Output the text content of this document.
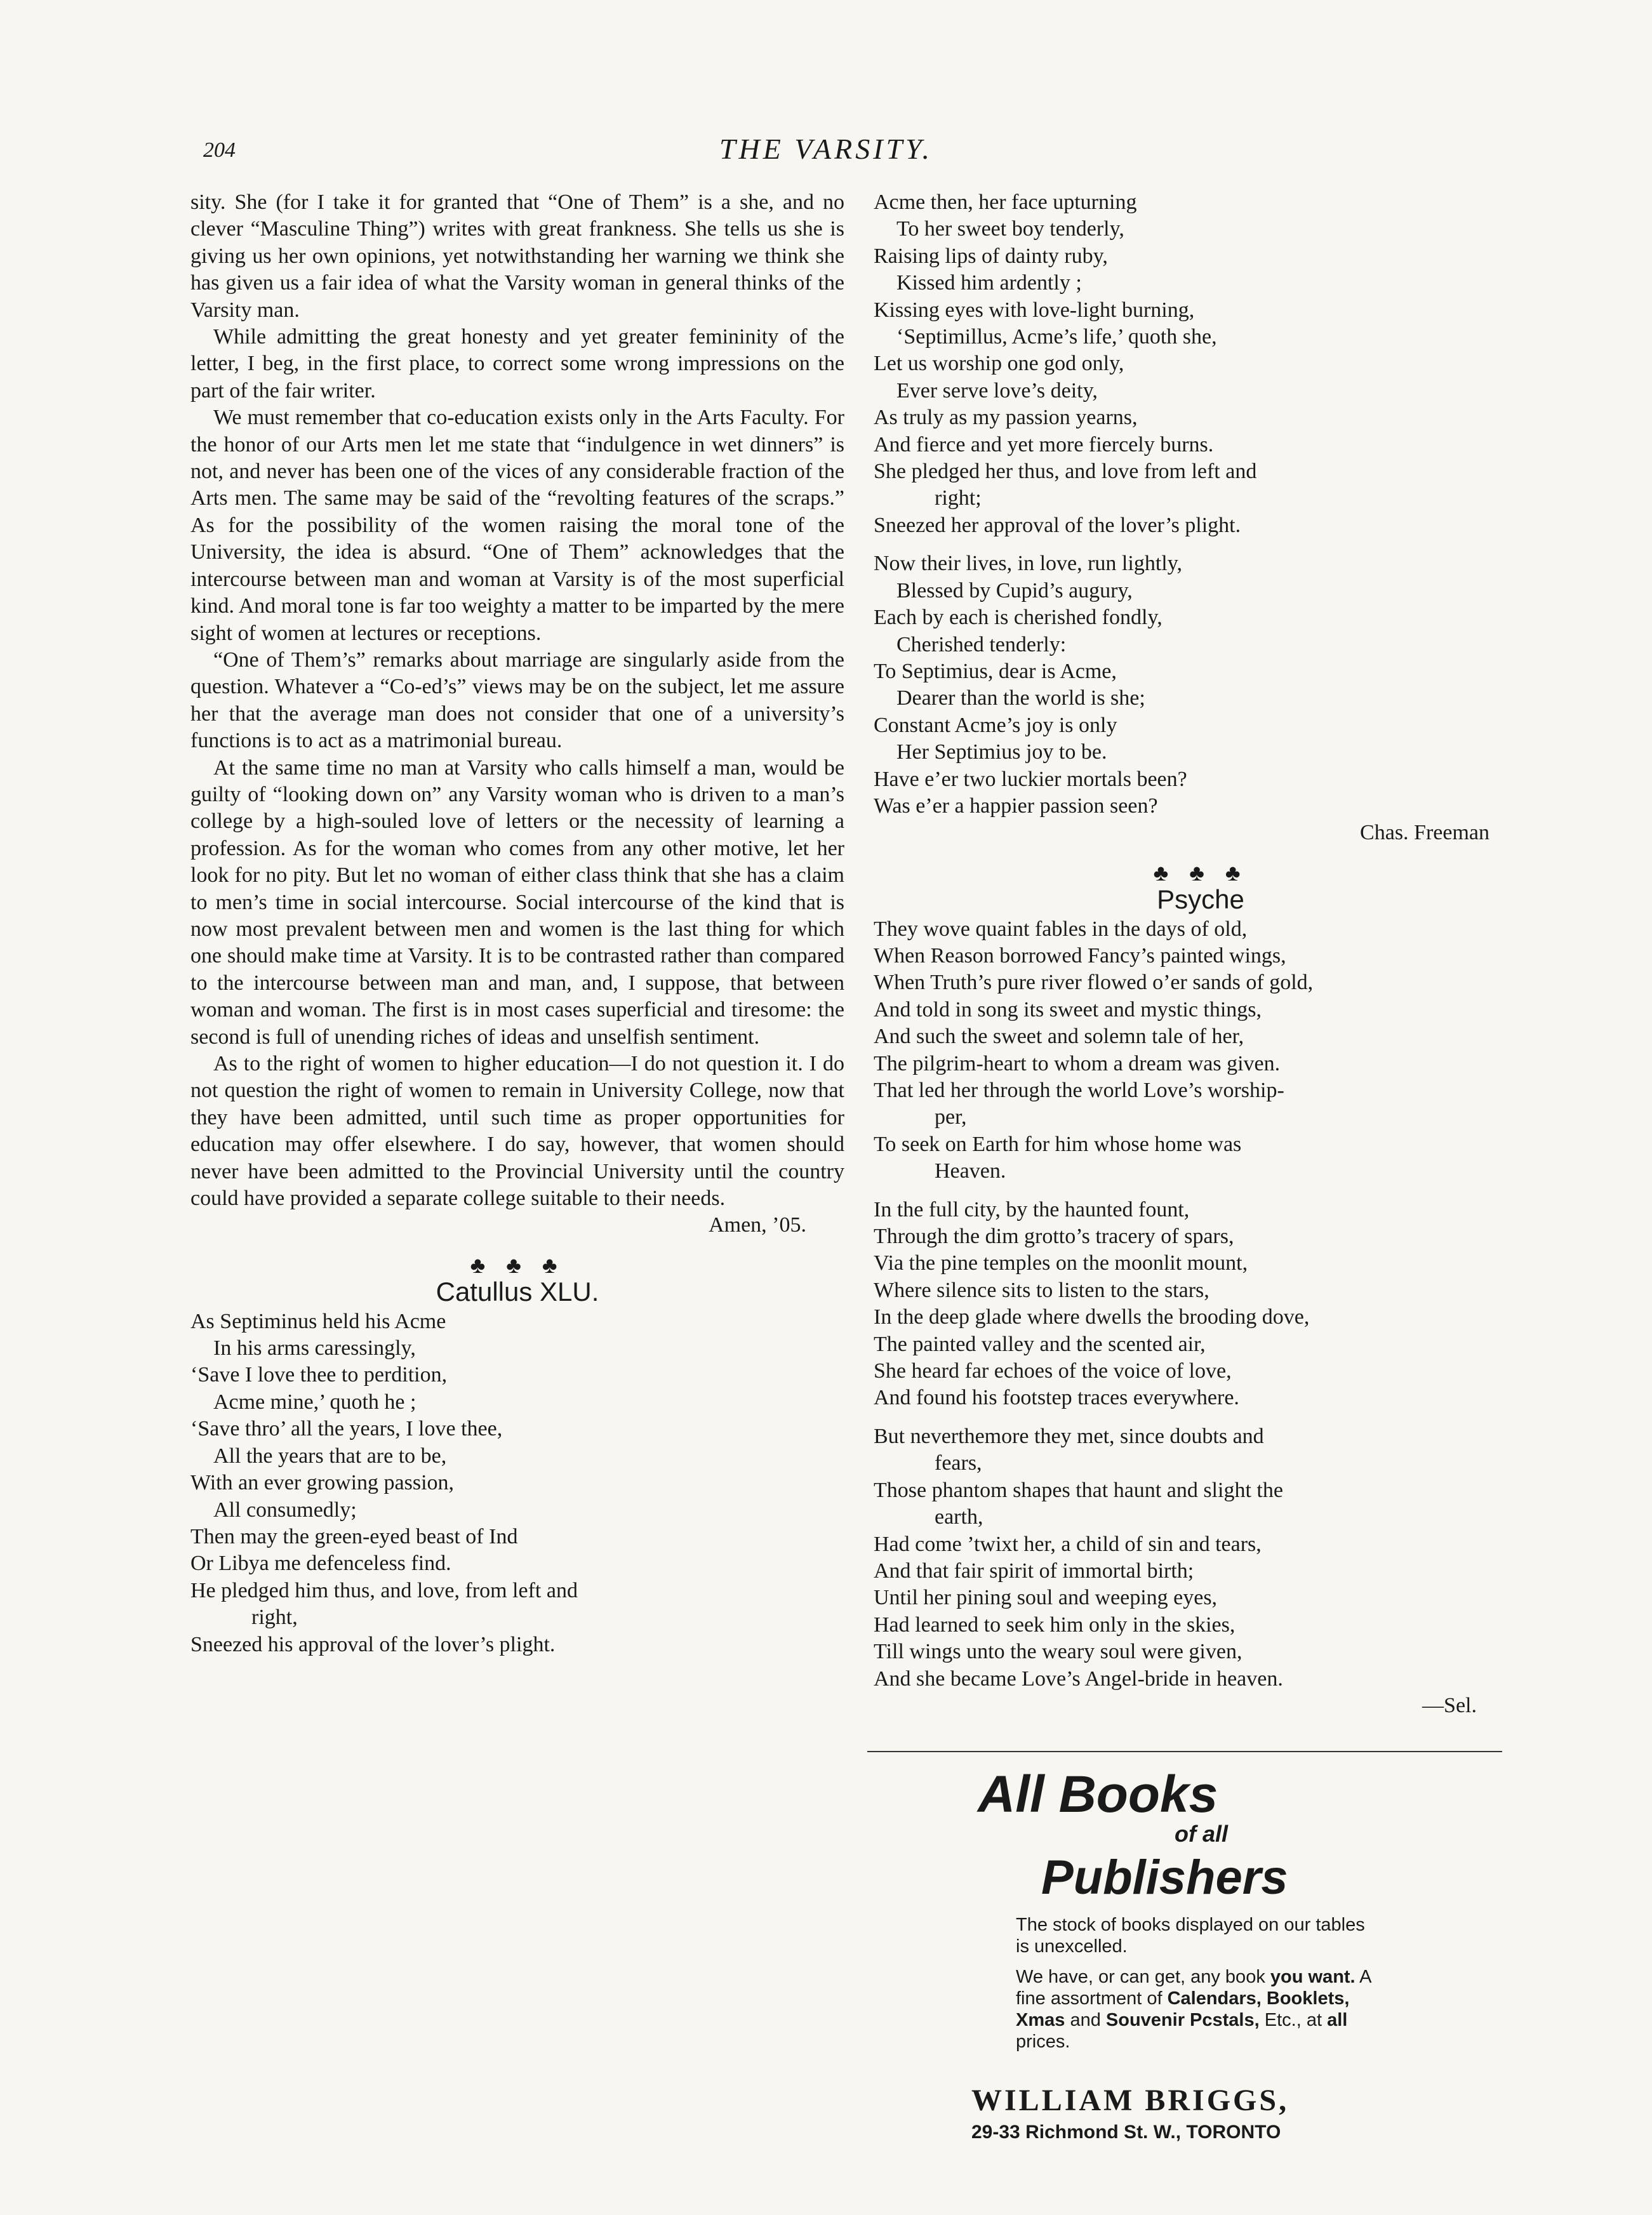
204	THE VARSITY.

sity. She (for I take it for granted that “One of Them” is a she, and no clever “Masculine Thing”) writes with great frankness. She tells us she is giving us her own opinions, yet notwithstanding her warning we think she has given us a fair idea of what the Varsity woman in general thinks of the Varsity man.

While admitting the great honesty and yet greater femininity of the letter, I beg, in the first place, to correct some wrong impressions on the part of the fair writer.

We must remember that co-education exists only in the Arts Faculty. For the honor of our Arts men let me state that “indulgence in wet dinners” is not, and never has been one of the vices of any considerable fraction of the Arts men. The same may be said of the “revolting features of the scraps.” As for the possibility of the women raising the moral tone of the University, the idea is absurd. “One of Them” acknowledges that the intercourse between man and woman at Varsity is of the most superficial kind. And moral tone is far too weighty a matter to be imparted by the mere sight of women at lectures or receptions.

“One of Them’s” remarks about marriage are singularly aside from the question. Whatever a “Co-ed’s” views may be on the subject, let me assure her that the average man does not consider that one of a university’s functions is to act as a matrimonial bureau.

At the same time no man at Varsity who calls himself a man, would be guilty of “looking down on” any Varsity woman who is driven to a man’s college by a high-souled love of letters or the necessity of learning a profession. As for the woman who comes from any other motive, let her look for no pity. But let no woman of either class think that she has a claim to men’s time in social intercourse. Social intercourse of the kind that is now most prevalent between men and women is the last thing for which one should make time at Varsity. It is to be contrasted rather than compared to the intercourse between man and man, and, I suppose, that between woman and woman. The first is in most cases superficial and tiresome: the second is full of unending riches of ideas and unselfish sentiment.

As to the right of women to higher education—I do not question it. I do not question the right of women to remain in University College, now that they have been admitted, until such time as proper opportunities for education may offer elsewhere. I do say, however, that women should never have been admitted to the Provincial University until the country could have provided a separate college suitable to their needs.

Amen, ’05.
♣ ♣ ♣
Catullus XLU.
As Septiminus held his Acme
In his arms caressingly,
‘Save I love thee to perdition,
Acme mine,’ quoth he ;
‘Save thro’ all the years, I love thee,
All the years that are to be,
With an ever growing passion,
All consumedly;
Then may the green-eyed beast of Ind
Or Libya me defenceless find.
He pledged him thus, and love, from left and
right,
Sneezed his approval of the lover’s plight.
Acme then, her face upturning
To her sweet boy tenderly,
Raising lips of dainty ruby,
Kissed him ardently ;
Kissing eyes with love-light burning,
‘Septimillus, Acme’s life,’ quoth she,
Let us worship one god only,
Ever serve love’s deity,
As truly as my passion yearns,
And fierce and yet more fiercely burns.
She pledged her thus, and love from left and
right;
Sneezed her approval of the lover’s plight.
Now their lives, in love, run lightly,
Blessed by Cupid’s augury,
Each by each is cherished fondly,
Cherished tenderly:
To Septimius, dear is Acme,
Dearer than the world is she;
Constant Acme’s joy is only
Her Septimius joy to be.
Have e’er two luckier mortals been?
Was e’er a happier passion seen?
Chas. Freeman
♣ ♣ ♣
Psyche
They wove quaint fables in the days of old,
When Reason borrowed Fancy’s painted wings,
When Truth’s pure river flowed o’er sands of gold,
And told in song its sweet and mystic things,
And such the sweet and solemn tale of her,
The pilgrim-heart to whom a dream was given.
That led her through the world Love’s worship-
per,
To seek on Earth for him whose home was
Heaven.
In the full city, by the haunted fount,
Through the dim grotto’s tracery of spars,
Via the pine temples on the moonlit mount,
Where silence sits to listen to the stars,
In the deep glade where dwells the brooding dove,
The painted valley and the scented air,
She heard far echoes of the voice of love,
And found his footstep traces everywhere.
But neverthemore they met, since doubts and
fears,
Those phantom shapes that haunt and slight the
earth,
Had come ’twixt her, a child of sin and tears,
And that fair spirit of immortal birth;
Until her pining soul and weeping eyes,
Had learned to seek him only in the skies,
Till wings unto the weary soul were given,
And she became Love’s Angel-bride in heaven.
—Sel.
All Books
of all
Publishers
The stock of books displayed on our tables is unexcelled.
We have, or can get, any book you want. A fine assortment of Calendars, Booklets, Xmas and Souvenir Pcstals, Etc., at all prices.
WILLIAM BRIGGS,
29-33 Richmond St. W., TORONTO
